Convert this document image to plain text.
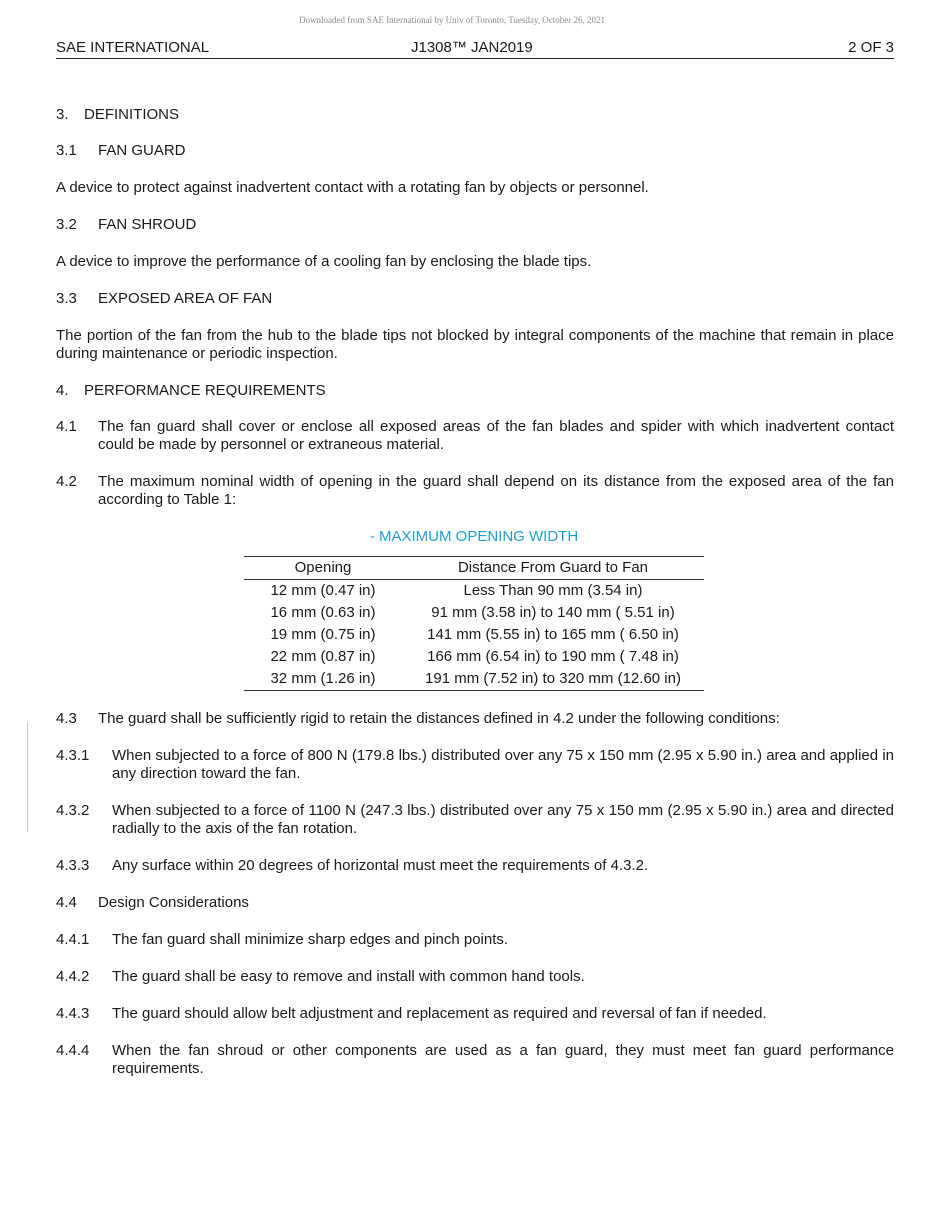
Downloaded from SAE International by Univ of Toronto, Tuesday, October 26, 2021
SAE INTERNATIONAL	J1308™ JAN2019	2 OF 3
3. DEFINITIONS
3.1 FAN GUARD

A device to protect against inadvertent contact with a rotating fan by objects or personnel.

3.2 FAN SHROUD

A device to improve the performance of a cooling fan by enclosing the blade tips.

3.3 EXPOSED AREA OF FAN

The portion of the fan from the hub to the blade tips not blocked by integral components of the machine that remain in place during maintenance or periodic inspection.

4. PERFORMANCE REQUIREMENTS
4.1 The fan guard shall cover or enclose all exposed areas of the fan blades and spider with which inadvertent contact could be made by personnel or extraneous material.
4.2 The maximum nominal width of opening in the guard shall depend on its distance from the exposed area of the fan according to Table 1:
- MAXIMUM OPENING WIDTH
Opening	Distance From Guard to Fan
12 mm (0.47 in)	Less Than 90 mm (3.54 in)
16 mm (0.63 in)	91 mm (3.58 in) to 140 mm ( 5.51 in)
19 mm (0.75 in)	141 mm (5.55 in) to 165 mm ( 6.50 in)
22 mm (0.87 in)	166 mm (6.54 in) to 190 mm ( 7.48 in)
32 mm (1.26 in)	191 mm (7.52 in) to 320 mm (12.60 in)
4.3 The guard shall be sufficiently rigid to retain the distances defined in 4.2 under the following conditions:
4.3.1 When subjected to a force of 800 N (179.8 lbs.) distributed over any 75 x 150 mm (2.95 x 5.90 in.) area and applied in any direction toward the fan.
4.3.2 When subjected to a force of 1100 N (247.3 lbs.) distributed over any 75 x 150 mm (2.95 x 5.90 in.) area and directed radially to the axis of the fan rotation.
4.3.3 Any surface within 20 degrees of horizontal must meet the requirements of 4.3.2.
4.4 Design Considerations
4.4.1 The fan guard shall minimize sharp edges and pinch points.
4.4.2 The guard shall be easy to remove and install with common hand tools.
4.4.3 The guard should allow belt adjustment and replacement as required and reversal of fan if needed.
4.4.4 When the fan shroud or other components are used as a fan guard, they must meet fan guard performance requirements.
